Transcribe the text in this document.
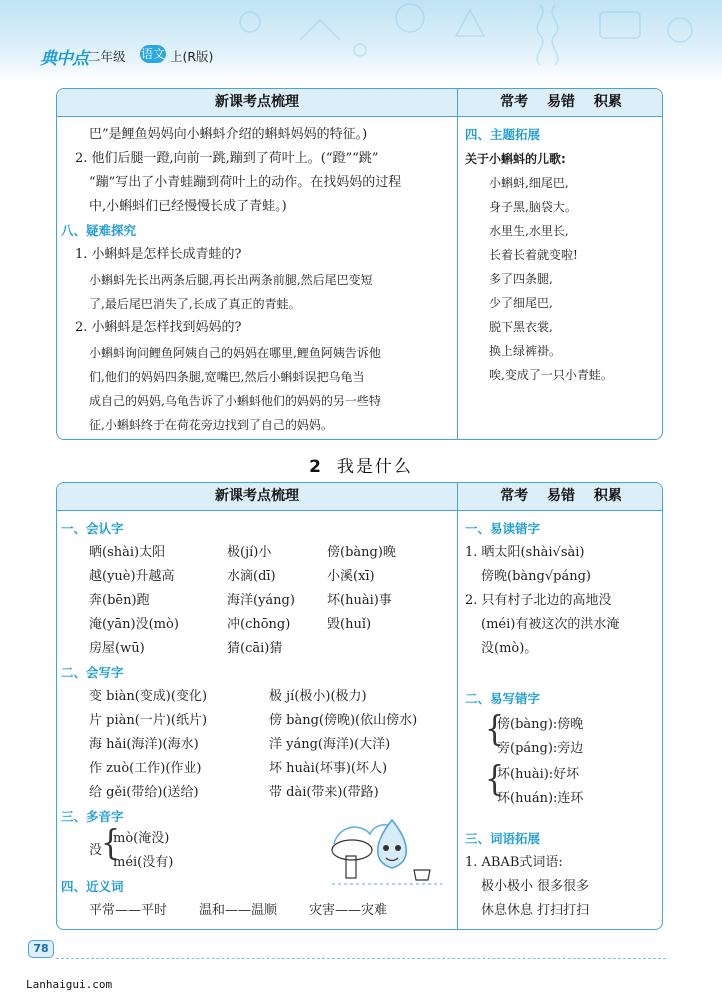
典中点 二年级 语文 上(R版)
新课考点梳理	常考 易错 积累
巴”是鲤鱼妈妈向小蝌蚪介绍的蝌蚪妈妈的特征。)
2. 他们后腿一蹬,向前一跳,蹦到了荷叶上。(“蹬”“跳”
“蹦”写出了小青蛙蹦到荷叶上的动作。在找妈妈的过程
中,小蝌蚪们已经慢慢长成了青蛙。)
八、疑难探究
1. 小蝌蚪是怎样长成青蛙的?
小蝌蚪先长出两条后腿,再长出两条前腿,然后尾巴变短
了,最后尾巴消失了,长成了真正的青蛙。
2. 小蝌蚪是怎样找到妈妈的?
小蝌蚪询问鲤鱼阿姨自己的妈妈在哪里,鲤鱼阿姨告诉他
们,他们的妈妈四条腿,宽嘴巴,然后小蝌蚪误把乌龟当
成自己的妈妈,乌龟告诉了小蝌蚪他们的妈妈的另一些特
征,小蝌蚪终于在荷花旁边找到了自己的妈妈。
四、主题拓展
关于小蝌蚪的儿歌:
小蝌蚪,细尾巴,
身子黑,脑袋大。
水里生,水里长,
长着长着就变啦!
多了四条腿,
少了细尾巴,
脱下黑衣裳,
换上绿裤褂。
唉,变成了一只小青蛙。
2 我是什么
新课考点梳理	常考 易错 积累
一、会认字
晒(shài)太阳	极(jí)小	傍(bàng)晚
越(yuè)升越高	水滴(dī)	小溪(xī)
奔(bēn)跑	海洋(yáng) 坏(huài)事
淹(yān)没(mò)	冲(chōng)	毁(huǐ)
房屋(wū)	猜(cāi)猜
二、会写字
变 biàn(变成)(变化)	极 jí(极小)(极力)
片 piàn(一片)(纸片)	傍 bàng(傍晚)(依山傍水)
海 hǎi(海洋)(海水)	洋 yáng(海洋)(大洋)
作 zuò(工作)(作业)	坏 huài(坏事)(坏人)
给 gěi(带给)(送给)	带 dài(带来)(带路)
三、多音字
没
{
mò(淹没)
méi(没有)
四、近义词
平常——平时 温和——温顺 灾害——灾难
一、易读错字
1. 晒太阳(shài√sài)
傍晚(bàng√páng)
2. 只有村子北边的高地没
(méi)有被这次的洪水淹
没(mò)。
二、易写错字
{
傍(bàng):傍晚
旁(páng):旁边
{
坏(huài):好坏
环(huán):连环
三、词语拓展
1. ABAB式词语:
极小极小 很多很多
休息休息 打扫打扫
78
Lanhaigui.com
